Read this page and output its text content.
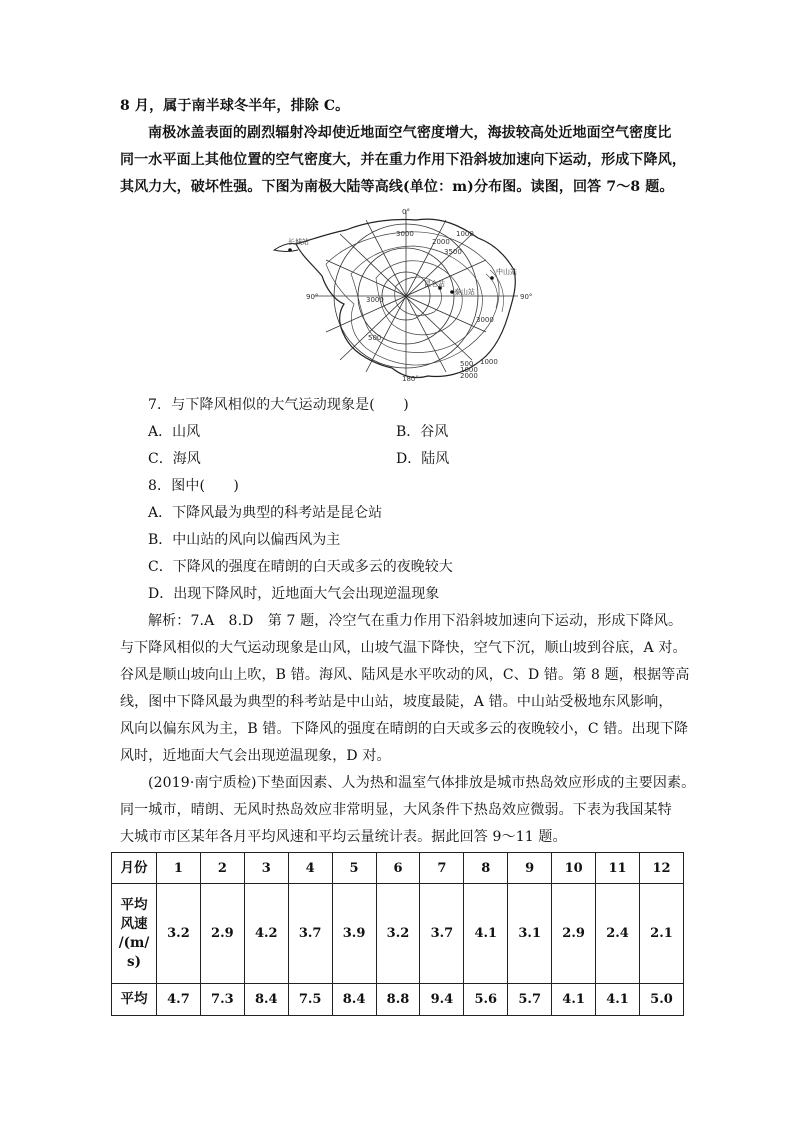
8 月，属于南半球冬半年，排除 C。
南极冰盖表面的剧烈辐射冷却使近地面空气密度增大，海拔较高处近地面空气密度比
同一水平面上其他位置的空气密度大，并在重力作用下沿斜坡加速向下运动，形成下降风，
其风力大，破坏性强。下图为南极大陆等高线(单位：m)分布图。读图，回答 7～8 题。
0°
180°
90°	90°
长城站
中山站
昆仑站
泰山站
3000
3000
3500
3000
2000
1000
500
500
1000
1000
2000
7．与下降风相似的大气运动现象是(　　)
A．山风	B．谷风
C．海风	D．陆风
8．图中(　　)
A．下降风最为典型的科考站是昆仑站
B．中山站的风向以偏西风为主
C．下降风的强度在晴朗的白天或多云的夜晚较大
D．出现下降风时，近地面大气会出现逆温现象
解析：7.A　8.D　第 7 题，冷空气在重力作用下沿斜坡加速向下运动，形成下降风。
与下降风相似的大气运动现象是山风，山坡气温下降快，空气下沉，顺山坡到谷底，A 对。
谷风是顺山坡向山上吹，B 错。海风、陆风是水平吹动的风，C、D 错。第 8 题，根据等高
线，图中下降风最为典型的科考站是中山站，坡度最陡，A 错。中山站受极地东风影响，
风向以偏东风为主，B 错。下降风的强度在晴朗的白天或多云的夜晚较小，C 错。出现下降
风时，近地面大气会出现逆温现象，D 对。
(2019·南宁质检)下垫面因素、人为热和温室气体排放是城市热岛效应形成的主要因素。
同一城市，晴朗、无风时热岛效应非常明显，大风条件下热岛效应微弱。下表为我国某特
大城市市区某年各月平均风速和平均云量统计表。据此回答 9～11 题。
月份	1	2	3	4	5	6	7	8	9	10	11	12

平均
风速
/(m/
s)	3.2	2.9	4.2	3.7	3.9	3.2	3.7	4.1	3.1	2.9	2.4	2.1
平均	4.7	7.3	8.4	7.5	8.4	8.8	9.4	5.6	5.7	4.1	4.1	5.0
